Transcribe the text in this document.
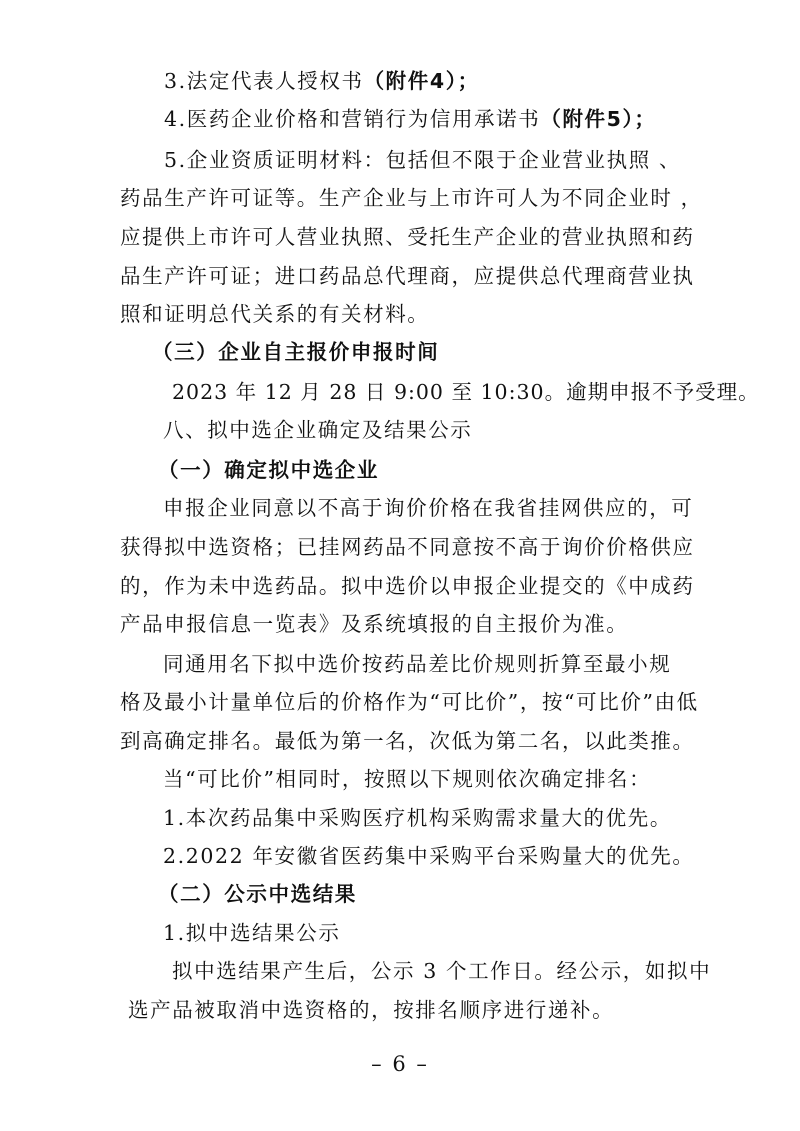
3.法定代表人授权书（附件4）；
4.医药企业价格和营销行为信用承诺书（附件5）；
5.企业资质证明材料：包括但不限于企业营业执照 、
药品生产许可证等。生产企业与上市许可人为不同企业时 ，
应提供上市许可人营业执照、受托生产企业的营业执照和药
品生产许可证；进口药品总代理商，应提供总代理商营业执
照和证明总代关系的有关材料。
（三）企业自主报价申报时间
2023 年 12 月 28 日 9:00 至 10:30。逾期申报不予受理。
八、拟中选企业确定及结果公示
（一）确定拟中选企业
申报企业同意以不高于询价价格在我省挂网供应的，可
获得拟中选资格；已挂网药品不同意按不高于询价价格供应
的，作为未中选药品。拟中选价以申报企业提交的《中成药
产品申报信息一览表》及系统填报的自主报价为准。
同通用名下拟中选价按药品差比价规则折算至最小规
格及最小计量单位后的价格作为“可比价”，按“可比价”由低
到高确定排名。最低为第一名，次低为第二名，以此类推。
当“可比价”相同时，按照以下规则依次确定排名：
1.本次药品集中采购医疗机构采购需求量大的优先。
2.2022 年安徽省医药集中采购平台采购量大的优先。
（二）公示中选结果
1.拟中选结果公示
拟中选结果产生后，公示 3 个工作日。经公示，如拟中
选产品被取消中选资格的，按排名顺序进行递补。
– 6 –
